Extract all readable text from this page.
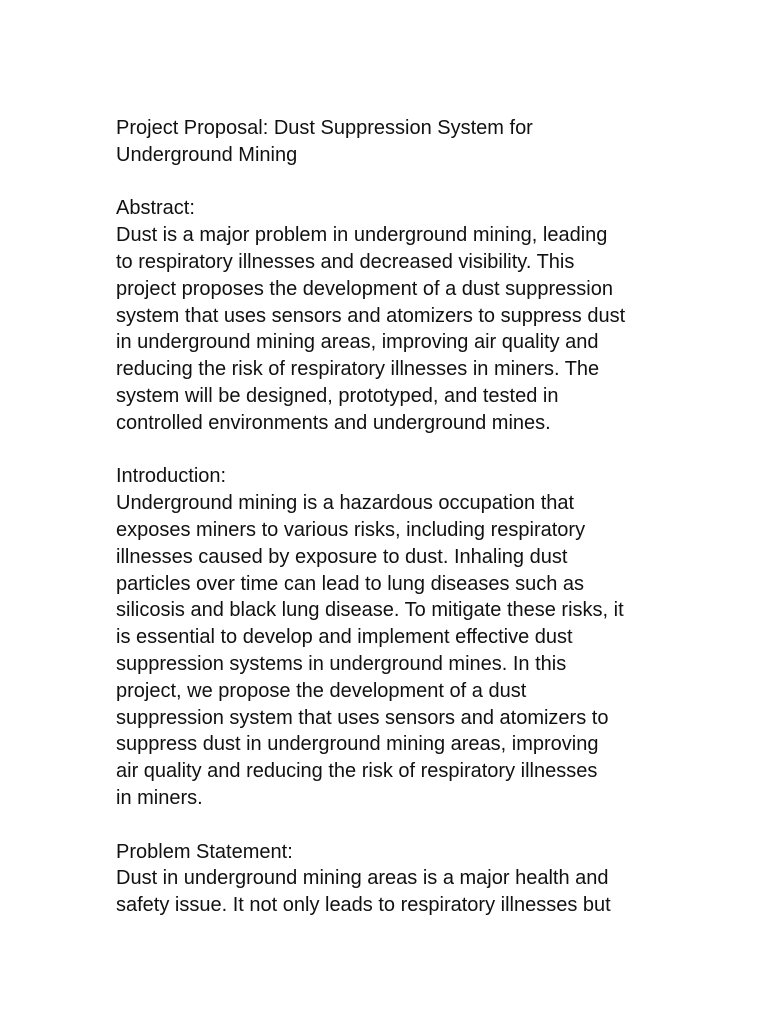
Project Proposal: Dust Suppression System for
Underground Mining
Abstract:
Dust is a major problem in underground mining, leading
to respiratory illnesses and decreased visibility. This
project proposes the development of a dust suppression
system that uses sensors and atomizers to suppress dust
in underground mining areas, improving air quality and
reducing the risk of respiratory illnesses in miners. The
system will be designed, prototyped, and tested in
controlled environments and underground mines.
Introduction:
Underground mining is a hazardous occupation that
exposes miners to various risks, including respiratory
illnesses caused by exposure to dust. Inhaling dust
particles over time can lead to lung diseases such as
silicosis and black lung disease. To mitigate these risks, it
is essential to develop and implement effective dust
suppression systems in underground mines. In this
project, we propose the development of a dust
suppression system that uses sensors and atomizers to
suppress dust in underground mining areas, improving
air quality and reducing the risk of respiratory illnesses
in miners.
Problem Statement:
Dust in underground mining areas is a major health and
safety issue. It not only leads to respiratory illnesses but
